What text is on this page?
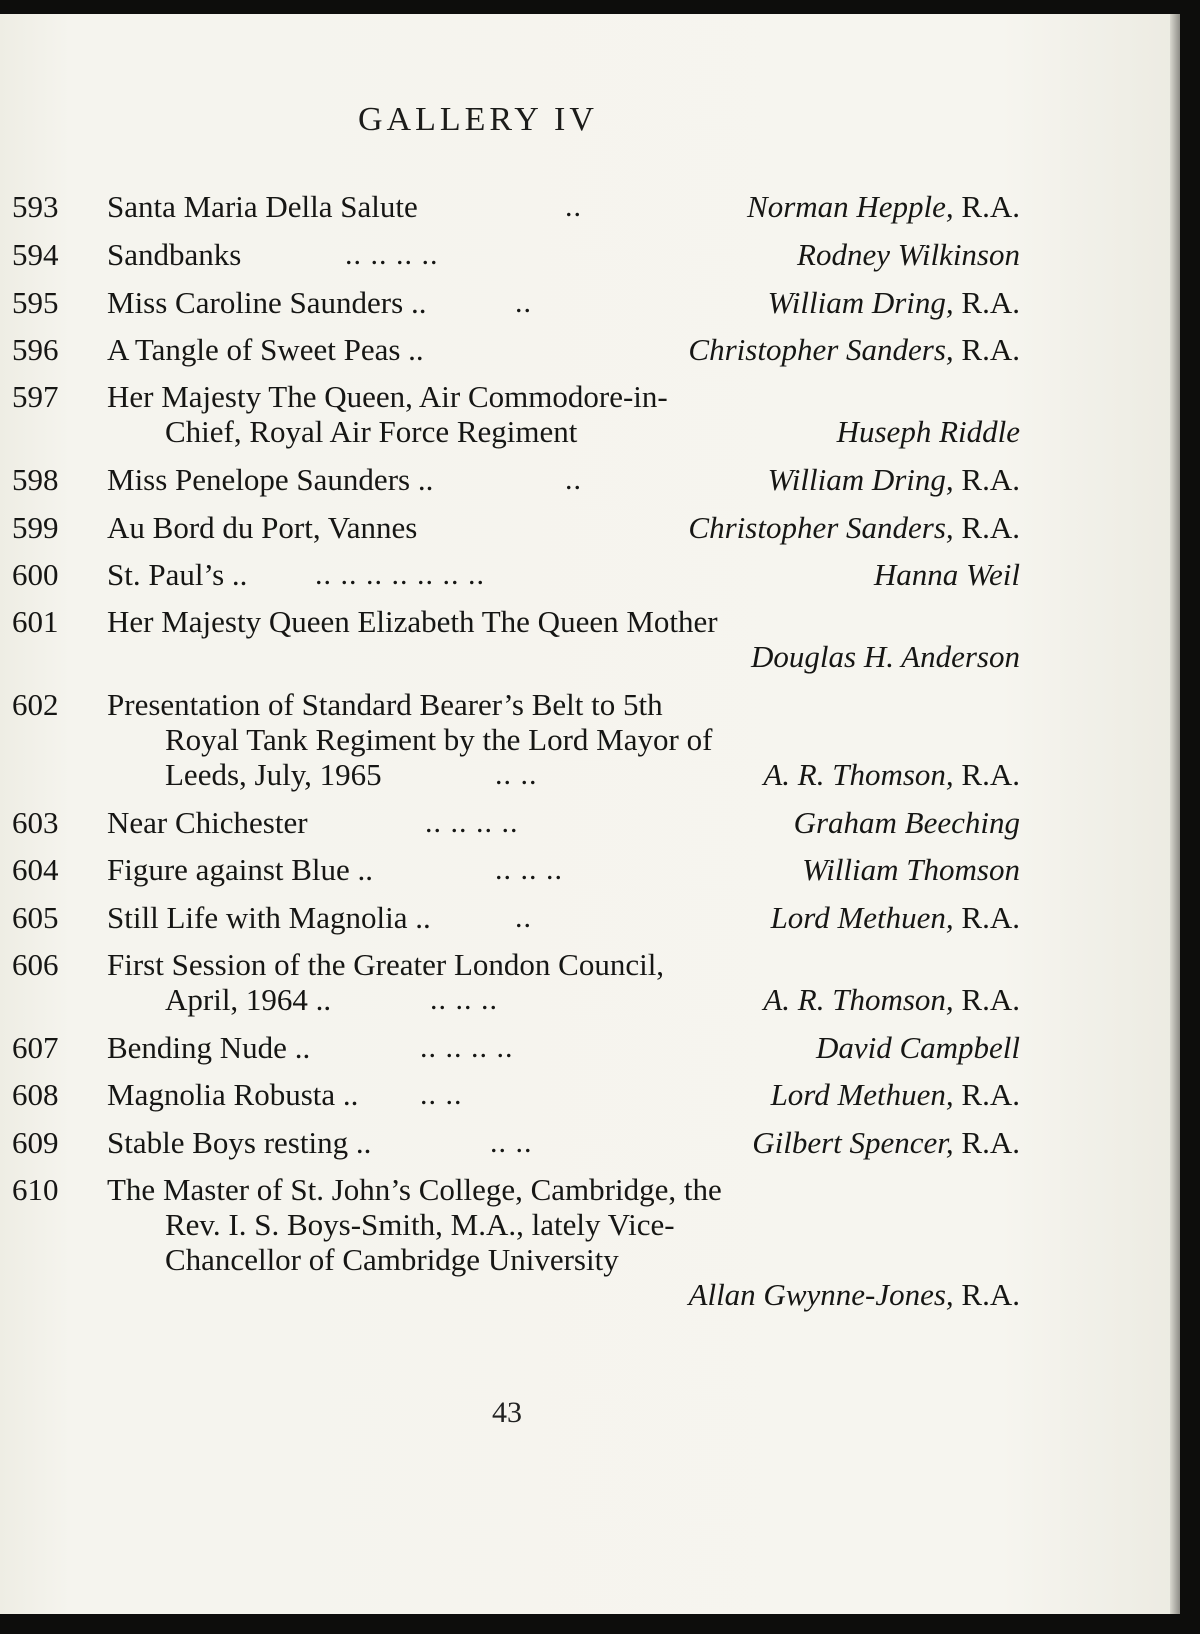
GALLERY IV
593	Santa Maria Della Salute	..	Norman Hepple, R.A.
594	Sandbanks	.. .. .. ..	Rodney Wilkinson
595	Miss Caroline Saunders ..	..	William Dring, R.A.
596	A Tangle of Sweet Peas ..	Christopher Sanders, R.A.
597	Her Majesty The Queen, Air Commodore-in-
Chief, Royal Air Force Regiment	Huseph Riddle
598	Miss Penelope Saunders ..	..	William Dring, R.A.
599	Au Bord du Port, Vannes	Christopher Sanders, R.A.
600	St. Paul’s .. .. .. .. .. .. .. ..	Hanna Weil
601	Her Majesty Queen Elizabeth The Queen Mother
Douglas H. Anderson
602	Presentation of Standard Bearer’s Belt to 5th
Royal Tank Regiment by the Lord Mayor of
Leeds, July, 1965	.. ..	A. R. Thomson, R.A.
603	Near Chichester	.. .. .. ..	Graham Beeching
604	Figure against Blue ..	.. .. ..	William Thomson
605	Still Life with Magnolia ..	..	Lord Methuen, R.A.
606	First Session of the Greater London Council,
April, 1964 ..	.. .. ..	A. R. Thomson, R.A.
607	Bending Nude ..	.. .. .. ..	David Campbell
608	Magnolia Robusta .. .. ..	Lord Methuen, R.A.
609	Stable Boys resting ..	.. ..	Gilbert Spencer, R.A.
610	The Master of St. John’s College, Cambridge, the
Rev. I. S. Boys-Smith, M.A., lately Vice-
Chancellor of Cambridge University
Allan Gwynne-Jones, R.A.
43
